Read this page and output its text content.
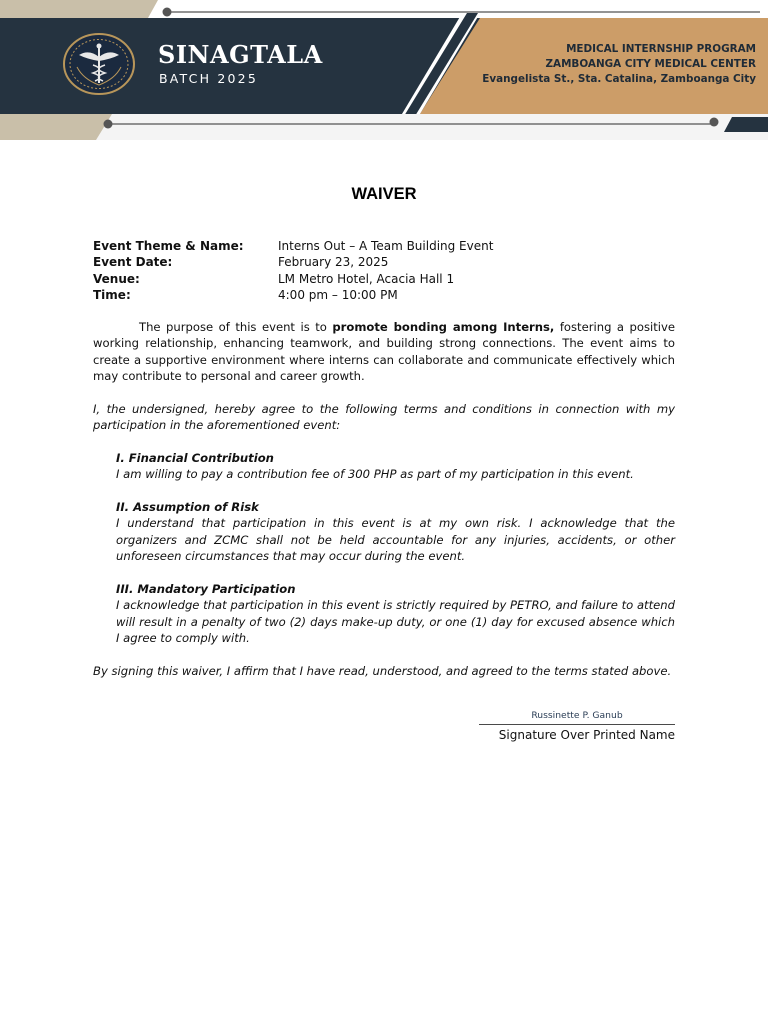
SINAGTALA
BATCH 2025
MEDICAL INTERNSHIP PROGRAM
ZAMBOANGA CITY MEDICAL CENTER
Evangelista St., Sta. Catalina, Zamboanga City
WAIVER
Event Theme & Name:	Interns Out – A Team Building Event
Event Date:	February 23, 2025
Venue:	LM Metro Hotel, Acacia Hall 1
Time:	4:00 pm – 10:00 PM

The purpose of this event is to promote bonding among Interns, fostering a positive working relationship, enhancing teamwork, and building strong connections. The event aims to create a supportive environment where interns can collaborate and communicate effectively which may contribute to personal and career growth.

I, the undersigned, hereby agree to the following terms and conditions in connection with my participation in the aforementioned event:

I. Financial Contribution

I am willing to pay a contribution fee of 300 PHP as part of my participation in this event.

II. Assumption of Risk

I understand that participation in this event is at my own risk. I acknowledge that the organizers and ZCMC shall not be held accountable for any injuries, accidents, or other unforeseen circumstances that may occur during the event.

III. Mandatory Participation

I acknowledge that participation in this event is strictly required by PETRO, and failure to attend will result in a penalty of two (2) days make-up duty, or one (1) day for excused absence which I agree to comply with.

By signing this waiver, I affirm that I have read, understood, and agreed to the terms stated above.

Russinette P. Ganub
Signature Over Printed Name
